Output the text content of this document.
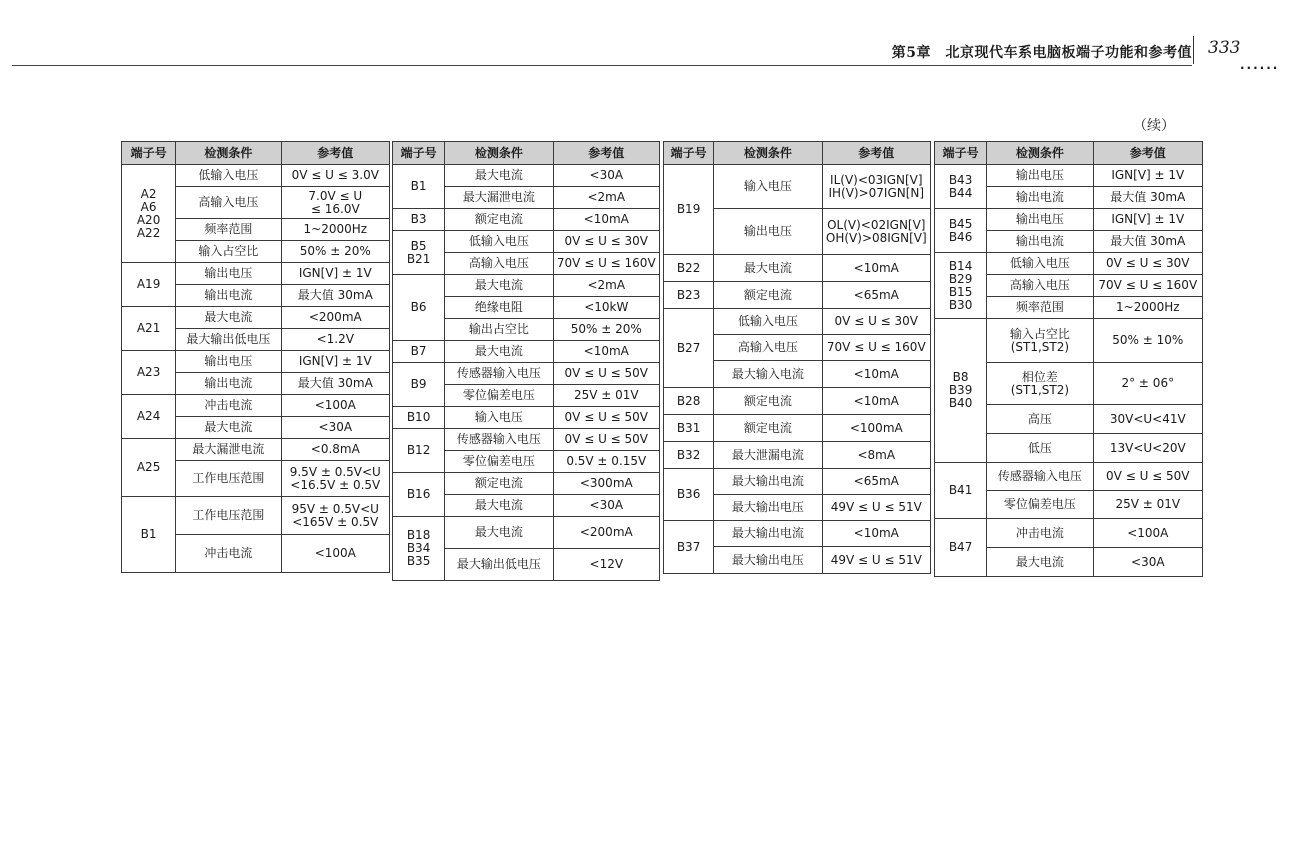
第5章　北京现代车系电脑板端子功能和参考值 333
......
（续）
端子号	检测条件	参考值

A2
A6
A20
A22	低输入电压	0V ≤ U ≤ 3.0V

	高输入电压	7.0V ≤ U
≤ 16.0V

	频率范围	1~2000Hz

	输入占空比	50% ± 20%

A19	输出电压	IGN[V] ± 1V

	输出电流	最大值 30mA

A21	最大电流	<200mA

	最大输出低电压	<1.2V

A23	输出电压	IGN[V] ± 1V

	输出电流	最大值 30mA

A24	冲击电流	<100A

	最大电流	<30A

A25	最大漏泄电流	<0.8mA

	工作电压范围	9.5V ± 0.5V<U
<16.5V ± 0.5V

B1	工作电压范围	95V ± 0.5V<U
<165V ± 0.5V

	冲击电流	<100A
端子号	检测条件	参考值

B1	最大电流	<30A

	最大漏泄电流	<2mA

B3	额定电流	<10mA

B5
B21	低输入电压	0V ≤ U ≤ 30V

	高输入电压	70V ≤ U ≤ 160V

B6	最大电流	<2mA

	绝缘电阻	<10kW

	输出占空比	50% ± 20%

B7	最大电流	<10mA

B9	传感器输入电压	0V ≤ U ≤ 50V

	零位偏差电压	25V ± 01V

B10	输入电压	0V ≤ U ≤ 50V

B12	传感器输入电压	0V ≤ U ≤ 50V

	零位偏差电压	0.5V ± 0.15V

B16	额定电流	<300mA

	最大电流	<30A

B18
B34
B35	最大电流	<200mA

	最大输出低电压	<12V
端子号	检测条件	参考值

B19	输入电压	IL(V)<03IGN[V]
IH(V)>07IGN[N]

	输出电压	OL(V)<02IGN[V]
OH(V)>08IGN[V]

B22	最大电流	<10mA

B23	额定电流	<65mA

B27	低输入电压	0V ≤ U ≤ 30V

	高输入电压	70V ≤ U ≤ 160V

	最大输入电流	<10mA

B28	额定电流	<10mA

B31	额定电流	<100mA

B32	最大泄漏电流	<8mA

B36	最大输出电流	<65mA

	最大输出电压	49V ≤ U ≤ 51V

B37	最大输出电流	<10mA

	最大输出电压	49V ≤ U ≤ 51V
端子号	检测条件	参考值

B43
B44	输出电压	IGN[V] ± 1V

	输出电流	最大值 30mA

B45
B46	输出电压	IGN[V] ± 1V

	输出电流	最大值 30mA

B14
B29
B15
B30	低输入电压	0V ≤ U ≤ 30V

	高输入电压	70V ≤ U ≤ 160V

	频率范围	1~2000Hz

B8
B39
B40	输入占空比
(ST1,ST2)	50% ± 10%

	相位差
(ST1,ST2)	2° ± 06°

	高压	30V<U<41V

	低压	13V<U<20V

B41	传感器输入电压	0V ≤ U ≤ 50V

	零位偏差电压	25V ± 01V

B47	冲击电流	<100A

	最大电流	<30A
